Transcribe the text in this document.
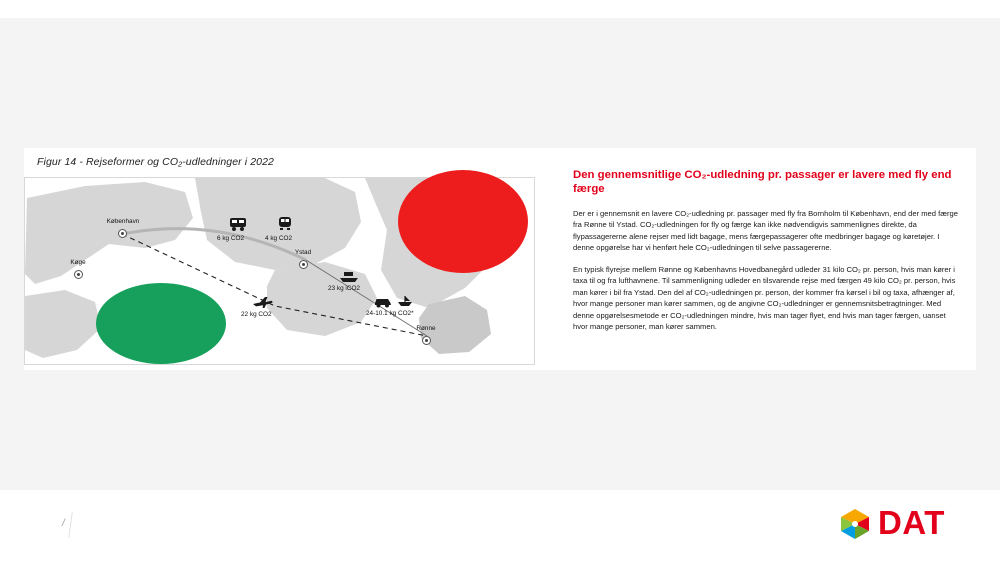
Figur 14 - Rejseformer og CO₂-udledninger i 2022
København
Køge
Ystad
Rønne
6 kg CO2	4 kg CO2
23 kg iCO2
24-10.1 kg CO2*
22 kg CO2
Den gennemsnitlige CO₂-udledning pr. passager er lavere med fly end færge

Der er i gennemsnit en lavere CO₂-udledning pr. passager med fly fra Bornholm til København, end der med færge fra Rønne til Ystad. CO₂-udledningen for fly og færge kan ikke nødvendigvis sammenlignes direkte, da flypassagererne alene rejser med lidt bagage, mens færgepassagerer ofte medbringer bagage og køretøjer. I denne opgørelse har vi henført hele CO₂-udledningen til selve passagererne.

En typisk flyrejse mellem Rønne og Københavns Hovedbanegård udleder 31 kilo CO₂ pr. person, hvis man kører i taxa til og fra lufthavnene. Til sammenligning udleder en tilsvarende rejse med færgen 49 kilo CO₂ pr. person, hvis man kører i bil fra Ystad. Den del af CO₂-udledningen pr. person, der kommer fra kørsel i bil og taxa, afhænger af, hvor mange personer man kører sammen, og de angivne CO₂-udledninger er gennemsnitsbetragtninger. Med denne opgørelsesmetode er CO₂-udledningen mindre, hvis man tager flyet, end hvis man tager færgen, uanset hvor mange personer, man kører sammen.

/	DAT
